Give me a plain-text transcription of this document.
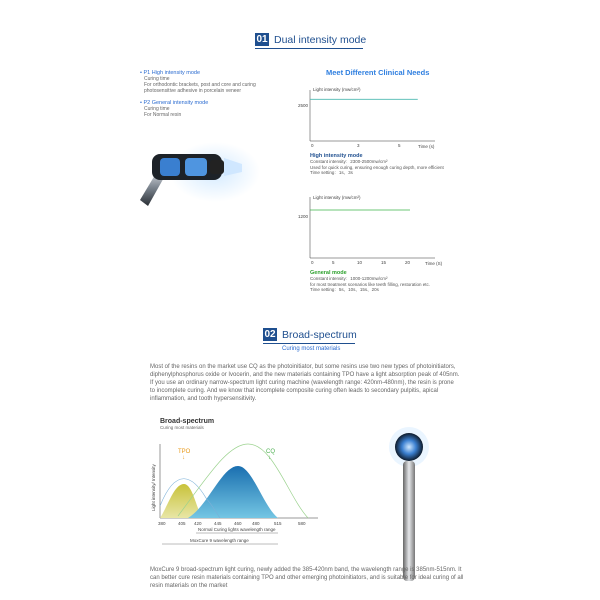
01 Dual intensity mode
• P1 High intensity mode
Curing time
For orthodontic brackets, post and core and curing
photosensitive adhesive in porcelain veneer
• P2 General intensity mode
Curing time
For Normal resin
Meet Different Clinical Needs
Light intensity (mw/cm²)
2500
0	3	5	Time (s)
High intensity mode
Constant intensity：2300-2500mw/cm²
Used for quick curing, ensuring enough curing depth, more efficient
Time setting：1s、3s
Light intensity (mw/cm²)
1200
0	5	10	15	20	Time (S)
General mode
Constant intensity：1000-1200mw/cm²
for most treatment scenarios like teeth filling, restoration etc.
Time setting：5s、10s、15s、20s
02 Broad-spectrum
Curing most materials
Most of the resins on the market use CQ as the photoinitiator, but some resins use two new types of photoinitiators, diphenylphosphorus oxide or Ivocerin, and the new materials containing TPO have a light absorption peak of 405nm. If you use an ordinary narrow-spectrum light curing machine (wavelength range: 420nm-480nm), the resin is prone to incomplete curing. And we know that incomplete composite curing often leads to secondary pulpitis, apical inflammation, and tooth hypersensitivity.
Broad-spectrum
Curing most materials
Light intensity/ Intensity
TPO
↓
CQ
↓
380	405 420	445	460 480	515	580
Normal Curing lights wavelength range
MoxCure 9 wavelength range
MoxCure 9 broad-spectrum light curing, newly added the 385-420nm band, the wavelength range is 385nm-515nm. It can better cure resin materials containing TPO and other emerging photoinitiators, and is suitable for ideal curing of all resin materials on the market
